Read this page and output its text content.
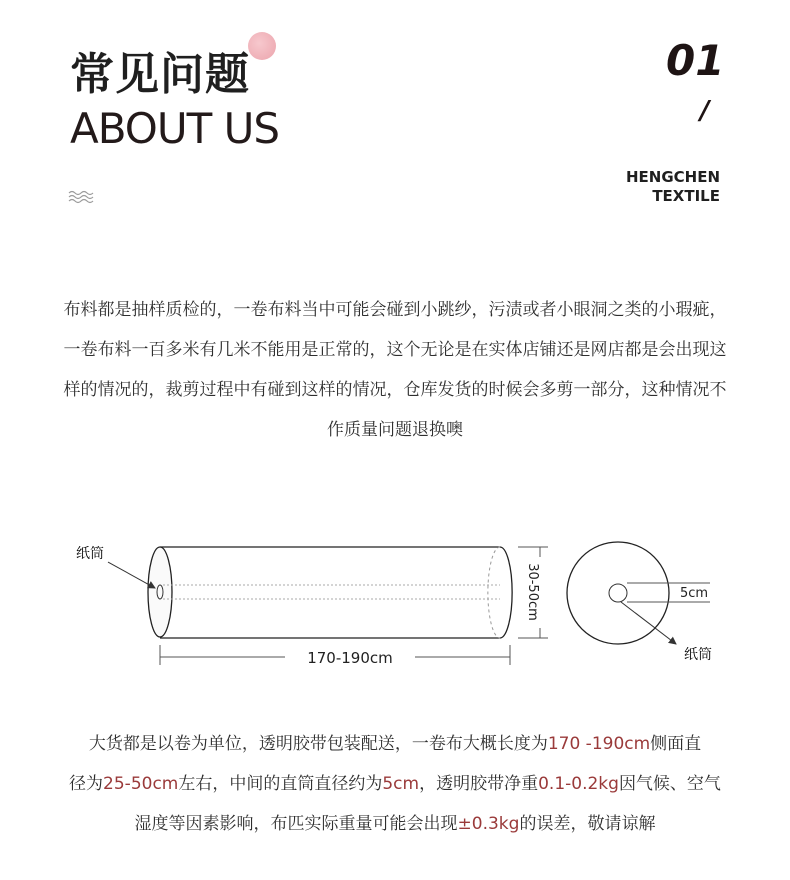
常见问题
ABOUT US
01
/
HENGCHEN
TEXTILE
布料都是抽样质检的，一卷布料当中可能会碰到小跳纱，污渍或者小眼洞之类的小瑕疵，一卷布料一百多米有几米不能用是正常的，这个无论是在实体店铺还是网店都是会出现这样的情况的，裁剪过程中有碰到这样的情况，仓库发货的时候会多剪一部分，这种情况不作质量问题退换噢
纸筒
170-190cm
30-50cm	5cm
纸筒
大货都是以卷为单位，透明胶带包装配送，一卷布大概长度为170 -190cm侧面直
径为25-50cm左右，中间的直筒直径约为5cm，透明胶带净重0.1-0.2kg因气候、空气
湿度等因素影响，布匹实际重量可能会出现±0.3kg的误差，敬请谅解
